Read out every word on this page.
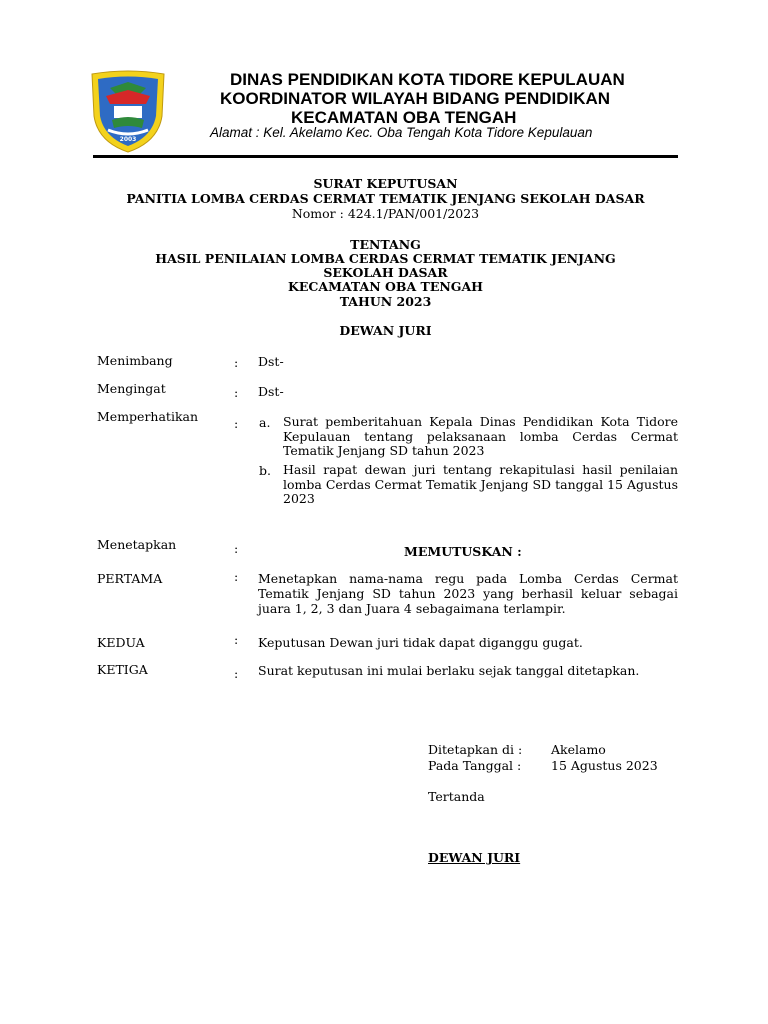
2003
DINAS PENDIDIKAN KOTA TIDORE KEPULAUAN
KOORDINATOR WILAYAH BIDANG PENDIDIKAN
KECAMATAN OBA TENGAH
Alamat : Kel. Akelamo Kec. Oba Tengah Kota Tidore Kepulauan
SURAT KEPUTUSAN
PANITIA LOMBA CERDAS CERMAT TEMATIK JENJANG SEKOLAH DASAR
Nomor : 424.1/PAN/001/2023
TENTANG
HASIL PENILAIAN LOMBA CERDAS CERMAT TEMATIK JENJANG
SEKOLAH DASAR
KECAMATAN OBA TENGAH
TAHUN 2023
DEWAN JURI
Menimbang	: Dst-
Mengingat	: Dst-
Memperhatikan	: a. Surat pemberitahuan Kepala Dinas Pendidikan Kota Tidore Kepulauan tentang pelaksanaan lomba Cerdas Cermat Tematik Jenjang SD tahun 2023
b. Hasil rapat dewan juri tentang rekapitulasi hasil penilaian lomba Cerdas Cermat Tematik Jenjang SD tanggal 15 Agustus 2023
Menetapkan	:	MEMUTUSKAN :
PERTAMA	: Menetapkan nama-nama regu pada Lomba Cerdas Cermat Tematik Jenjang SD tahun 2023 yang berhasil keluar sebagai juara 1, 2, 3 dan Juara 4 sebagaimana terlampir.
KEDUA	: Keputusan Dewan juri tidak dapat diganggu gugat.
KETIGA	: Surat keputusan ini mulai berlaku sejak tanggal ditetapkan.
Ditetapkan di : Akelamo
Pada Tanggal : 15 Agustus 2023
Tertanda
DEWAN JURI
